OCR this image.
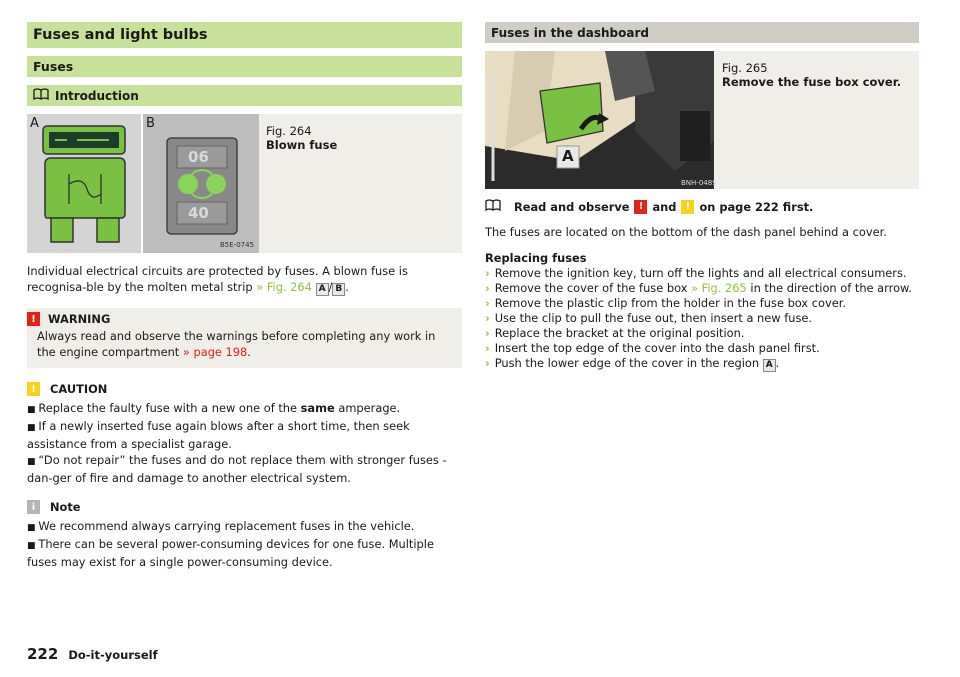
Fuses and light bulbs
Fuses
Introduction
A	B
06
40
B5E-0745
Fig. 264
Blown fuse

Individual electrical circuits are protected by fuses. A blown fuse is recognisa-ble by the molten metal strip » Fig. 264 A / B .

!	WARNING

Always read and observe the warnings before completing any work in the engine compartment » page 198.

!	CAUTION

■ Replace the faulty fuse with a new one of the same amperage.

■ If a newly inserted fuse again blows after a short time, then seek assistance from a specialist garage.

■ “Do not repair” the fuses and do not replace them with stronger fuses - dan-ger of fire and damage to another electrical system.

i	Note

■ We recommend always carrying replacement fuses in the vehicle.

■ There can be several power-consuming devices for one fuse. Multiple fuses may exist for a single power-consuming device.

Fuses in the dashboard
A
BNH-0489
Fig. 265
Remove the fuse box cover.
Read and observe ! and ! on page 222 first.

The fuses are located on the bottom of the dash panel behind a cover.

Replacing fuses

› Remove the ignition key, turn off the lights and all electrical consumers.
› Remove the cover of the fuse box » Fig. 265 in the direction of the arrow.
› Remove the plastic clip from the holder in the fuse box cover.
› Use the clip to pull the fuse out, then insert a new fuse.
› Replace the bracket at the original position.
› Insert the top edge of the cover into the dash panel first.
› Push the lower edge of the cover in the region A .
222 Do-it-yourself
